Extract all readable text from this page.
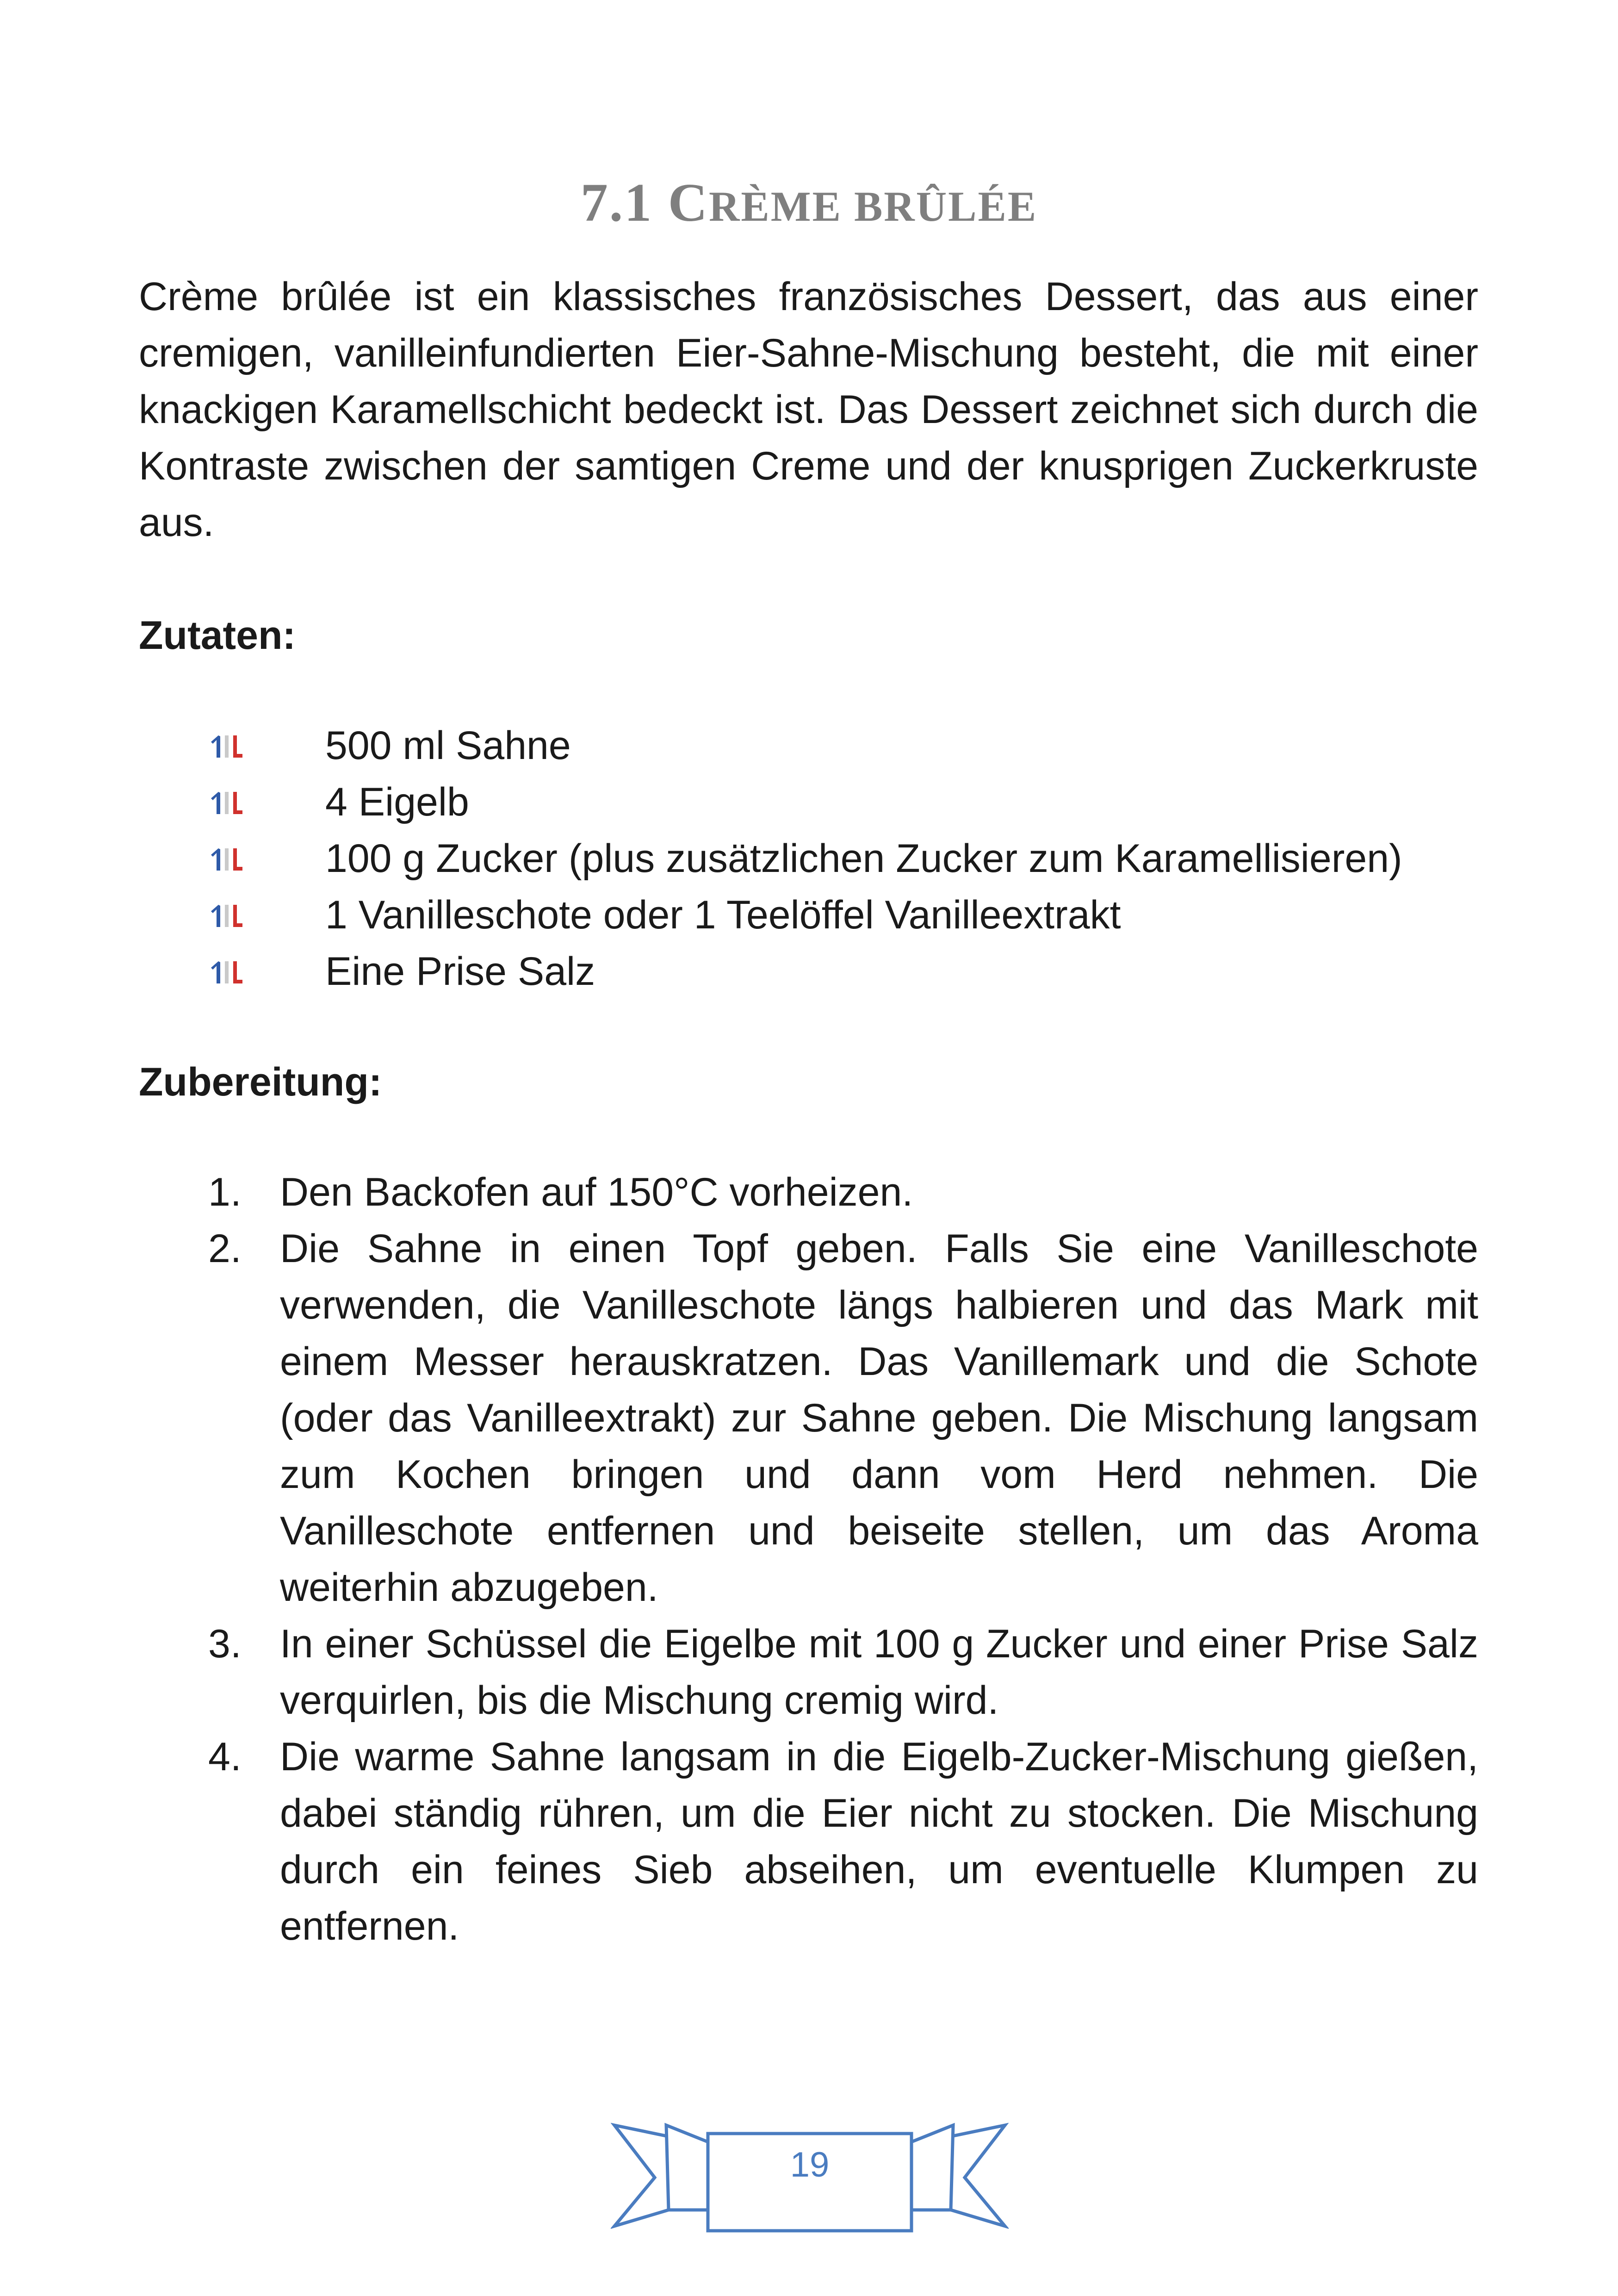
7.1 CRÈME BRÛLÉE

Crème brûlée ist ein klassisches französisches Dessert, das aus einer cremigen, vanilleinfundierten Eier-Sahne-Mischung besteht, die mit einer knackigen Karamellschicht bedeckt ist. Das Dessert zeichnet sich durch die Kontraste zwischen der samtigen Creme und der knusprigen Zuckerkruste aus.

Zutaten:
500 ml Sahne
4 Eigelb
100 g Zucker (plus zusätzlichen Zucker zum Karamellisieren)
1 Vanilleschote oder 1 Teelöffel Vanilleextrakt
Eine Prise Salz
Zubereitung:
1. Den Backofen auf 150°C vorheizen.
2. Die Sahne in einen Topf geben. Falls Sie eine Vanilleschote verwenden, die Vanilleschote längs halbieren und das Mark mit einem Messer herauskratzen. Das Vanillemark und die Schote (oder das Vanilleextrakt) zur Sahne geben. Die Mischung langsam zum Kochen bringen und dann vom Herd nehmen. Die Vanilleschote entfernen und beiseite stellen, um das Aroma weiterhin abzugeben.
3. In einer Schüssel die Eigelbe mit 100 g Zucker und einer Prise Salz verquirlen, bis die Mischung cremig wird.
4. Die warme Sahne langsam in die Eigelb-Zucker-Mischung gießen, dabei ständig rühren, um die Eier nicht zu stocken. Die Mischung durch ein feines Sieb abseihen, um eventuelle Klumpen zu entfernen.
19
